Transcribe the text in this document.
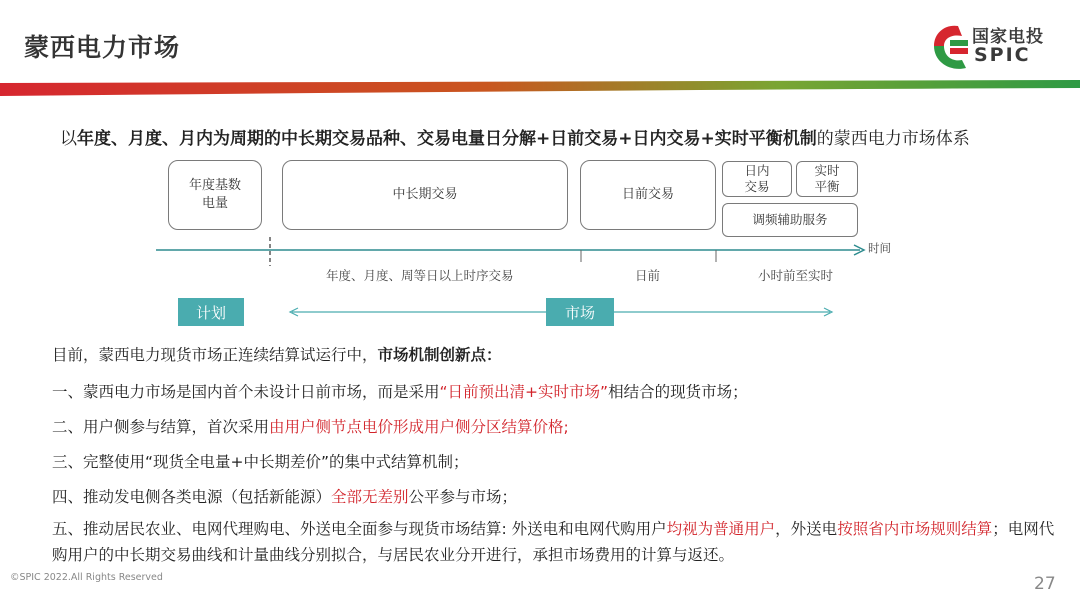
蒙西电力市场	国家电投
SPIC
以年度、月度、月内为周期的中长期交易品种、交易电量日分解+日前交易+日内交易+实时平衡机制的蒙西电力市场体系
年度基数电量
中长期交易	日前交易
日内交易
实时平衡
调频辅助服务
时间
年度、月度、周等日以上时序交易	日前	小时前至实时
计划	市场
目前，蒙西电力现货市场正连续结算试运行中，市场机制创新点：
一、蒙西电力市场是国内首个未设计日前市场，而是采用“日前预出清+实时市场”相结合的现货市场；
二、用户侧参与结算，首次采用由用户侧节点电价形成用户侧分区结算价格;
三、完整使用“现货全电量+中长期差价”的集中式结算机制；
四、推动发电侧各类电源（包括新能源）全部无差别公平参与市场；
五、推动居民农业、电网代理购电、外送电全面参与现货市场结算: 外送电和电网代购用户均视为普通用户，外送电按照省内市场规则结算；电网代购用户的中长期交易曲线和计量曲线分别拟合，与居民农业分开进行，承担市场费用的计算与返还。
©SPIC 2022.All Rights Reserved	27
